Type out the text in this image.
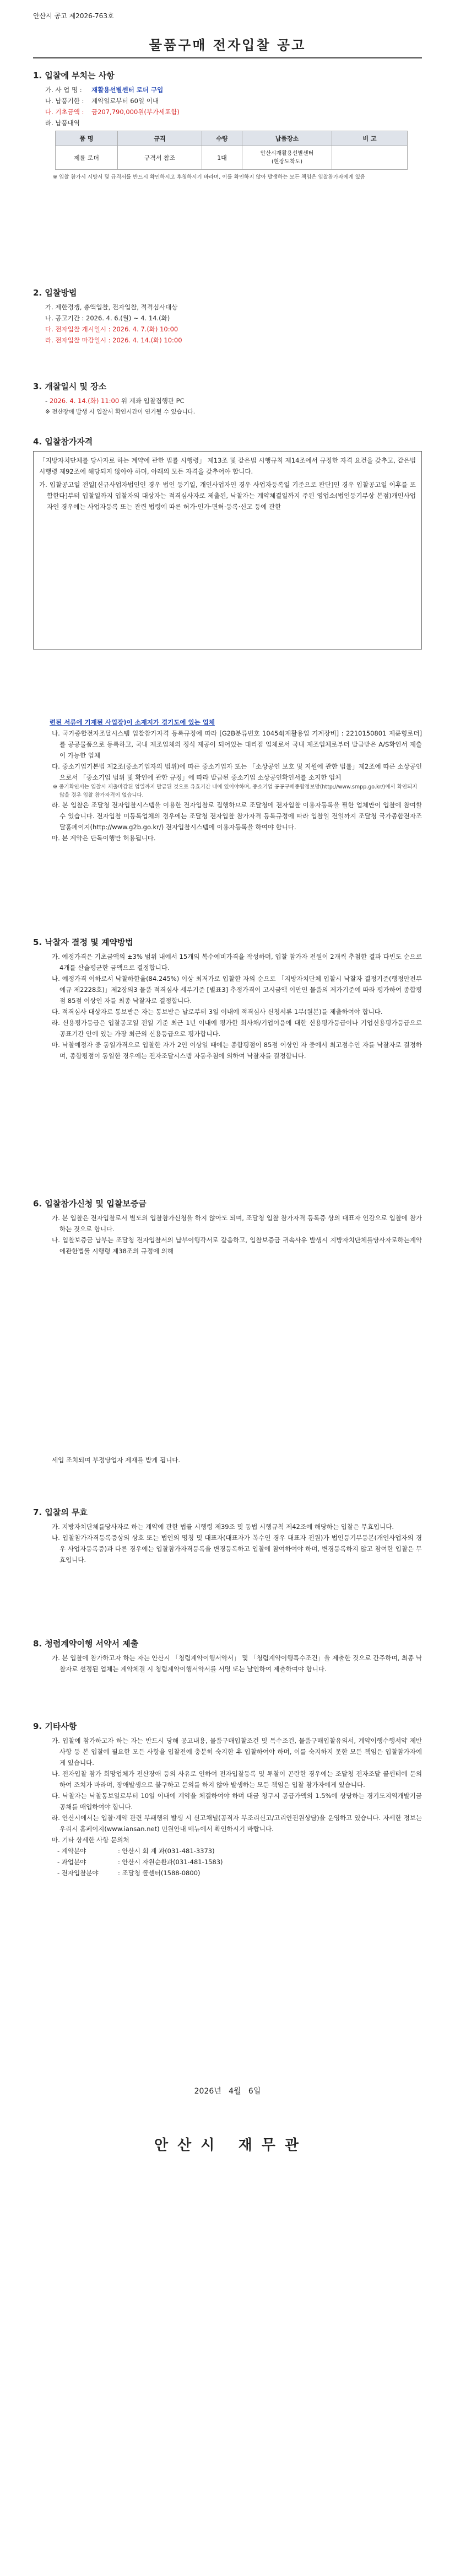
안산시 공고 제2026-763호
물품구매 전자입찰 공고
1. 입찰에 부치는 사항
가. 사 업 명 : 재활용선별센터 로더 구입
나. 납품기한 : 계약일로부터 60일 이내
다. 기초금액 : 금207,790,000원(부가세포함)
라. 납품내역
품 명	규격	수량	납품장소	비 고
제륜 로더	규격서 참조	1대	안산시재활용선별센터
(현장도착도)	
※ 입찰 참가시 시방서 및 규격서를 반드시 확인하시고 후청하시기 바라며, 이를 확인하지 않아 발생하는 모든 책임은 입찰참가자에게 있음
2. 입찰방법
가. 제한경쟁, 총액입찰, 전자입찰, 적격심사대상
나. 공고기간 : 2026. 4. 6.(월) ~ 4. 14.(화)
다. 전자입찰 개시일시 : 2026. 4. 7.(화) 10:00
라. 전자입찰 마감일시 : 2026. 4. 14.(화) 10:00
3. 개찰일시 및 장소
- 2026. 4. 14.(화) 11:00 위 계좌 입찰집행관 PC
※ 전산장애 발생 시 입찰서 확인시간이 연기될 수 있습니다.
4. 입찰참가자격
「지방자치단체를 당사자로 하는 계약에 관한 법률 시행령」 제13조 및 같은법 시행규칙 제14조에서 규정한 자격 요건을 갖추고, 같은법 시행령 제92조에 해당되지 않아야 하며, 아래의 모든 자격을 갖추어야 합니다.
가. 입찰공고일 전일[신규사업자법인인 경우 법인 등기일, 개인사업자인 경우 사업자등록일 기준으로 판단]인 경우 입찰공고일 이후를 포함한다]부터 입찰일까지 입찰자의 대상자는 적격심사자로 제출된, 낙찰자는 계약체결일까지 주된 영업소(법인등기부상 본점)개인사업자인 경우에는 사업자등록 또는 관련 법령에 따른 허가·인가·면허·등록·신고 등에 관한
련된 서류에 기재된 사업장)이 소재지가 경기도에 있는 업체
나. 국가종합전자조달시스템 입찰참가자격 등록규정에 따라 [G2B분류번호 10454[재활용업 기계장비] : 2210150801 제륜형로더]를 공공물품으로 등록하고, 국내 제조업체의 정식 제공이 되어있는 대리점 업체로서 국내 제조업체로부터 발급받은 A/S확인서 제출이 가능한 업체
다. 중소기업기본법 제2조(중소기업자의 범위)에 따른 중소기업자 또는 「소상공인 보호 및 지원에 관한 법률」제2조에 따른 소상공인으로서 「중소기업 범위 및 확인에 관한 규정」에 따라 발급된 중소기업 소상공인확인서를 소지한 업체
※ 중기확인서는 입찰시 제출마감된 업일까지 발급된 것으로 유효기간 내에 있어야하며, 중소기업 공공구매종합정보망(http://www.smpp.go.kr/)에서 확인되지 않을 경우 입찰 참가자격이 없습니다.
라. 본 입찰은 조달청 전자입찰시스템을 이용한 전자입찰로 집행하므로 조달청에 전자입찰 이용자등록을 필한 업체만이 입찰에 참여할 수 있습니다. 전자입찰 미등록업체의 경우에는 조달청 전자입찰 참가자격 등록규정에 따라 입찰일 전일까지 조달청 국가종합전자조달홈페이지(http://www.g2b.go.kr/) 전자입찰시스템에 이용자등록을 하여야 합니다.
마. 본 계약은 단독이행만 허용됩니다.
5. 낙찰자 결정 및 계약방법
가. 예정가격은 기초금액의 ±3% 범위 내에서 15개의 복수예비가격을 작성하며, 입찰 참가자 전원이 2개씩 추첨한 결과 다빈도 순으로 4개를 산술평균한 금액으로 결정합니다.
나. 예정가격 이하로서 낙찰하한율(84.245%) 이상 최저가로 입찰한 자의 순으로 「지방자치단체 입찰시 낙찰자 결정기준(행정안전부 예규 제2228호)」제2장의3 물품 적격심사 세부기준 [별표3] 추정가격이 고시금액 이만인 물품의 제가기준에 따라 평가하여 종합평점 85점 이상인 자를 최종 낙찰자로 결정합니다.
다. 적격심사 대상자로 통보받은 자는 통보받은 날로부터 3일 이내에 적격심사 신청서류 1부(원본)를 제출하여야 합니다.
라. 신용평가등급은 입찰공고일 전일 기준 최근 1년 이내에 평가한 회사채/기업어음에 대한 신용평가등급이나 기업신용평가등급으로 공표기간 안에 있는 가장 최근의 신용등급으로 평가합니다.
마. 낙찰예정자 중 동일가격으로 입찰한 자가 2인 이상일 때에는 종합평점이 85점 이상인 자 중에서 최고점수인 자를 낙찰자로 결정하며, 종합평점이 동일한 경우에는 전자조달시스템 자동추첨에 의하여 낙찰자를 결정합니다.
6. 입찰참가신청 및 입찰보증금
가. 본 입찰은 전자입찰로서 별도의 입찰참가신청을 하지 않아도 되며, 조달청 입찰 참가자격 등록증 상의 대표자 인감으로 입찰에 참가하는 것으로 합니다.
나. 입찰보증금 납부는 조달청 전자입찰서의 납부이행각서로 갈음하고, 입찰보증금 귀속사유 발생시 지방자치단체를당사자로하는계약에관한법률 시행령 제38조의 규정에 의해
세입 조치되며 부정당업자 제재를 받게 됩니다.
7. 입찰의 무효
가. 지방자치단체를당사자로 하는 계약에 관한 법률 시행령 제39조 및 동법 시행규칙 제42조에 해당하는 입찰은 무효입니다.
나. 입찰참가자격등록증상의 상호 또는 법인의 명칭 및 대표자(대표자가 복수인 경우 대표자 전원)가 법인등기부등본(개인사업자의 경우 사업자등록증)과 다른 경우에는 입찰참가자격등록을 변경등록하고 입찰에 참여하여야 하며, 변경등록하지 않고 참여한 입찰은 무효입니다.
8. 청렴계약이행 서약서 제출
가. 본 입찰에 참가하고자 하는 자는 안산시 「청렴계약이행서약서」 및 「청렴계약이행특수조건」을 제출한 것으로 간주하며, 최종 낙찰자로 선정된 업체는 계약체결 시 청렴계약이행서약서를 서명 또는 날인하여 제출하여야 합니다.
9. 기타사항
가. 입찰에 참가하고자 하는 자는 반드시 당해 공고내용, 물품구매입찰조건 및 특수조건, 물품구매입찰유의서, 계약이행수행서약 제반사항 등 본 입찰에 필요한 모든 사항을 입찰전에 충분히 숙지한 후 입찰하여야 하며, 이를 숙지하지 못한 모든 책임은 입찰참가자에게 있습니다.
나. 전자입찰 참가 희망업체가 전산장애 등의 사유로 인하여 전자입찰등록 및 투찰이 곤란한 경우에는 조달청 전자조달 콜센터에 문의하여 조치가 바라며, 장애발생으로 불구하고 문의를 하지 않아 발생하는 모든 책임은 입찰 참가자에게 있습니다.
다. 낙찰자는 낙찰통보일로부터 10일 이내에 계약을 체결하여야 하며 대금 청구시 공급가액의 1.5%에 상당하는 경기도지역개발기금공채를 매입하여야 합니다.
라. 안산시에서는 입찰·계약 관련 부패행위 발생 시 신고채널(공직자 부조리신고/고리안전원상담)을 운영하고 있습니다. 자세한 정보는 우리시 홈페이지(www.iansan.net) 민원안내 메뉴에서 확인하시기 바랍니다.
마. 기타 상세한 사항 문의처
- 계약분야	: 안산시 회 계 과(031-481-3373)
- 과업분야	: 안산시 자원순환과(031-481-1583)
- 전자입찰분야	: 조달청 콜센터(1588-0800)
2026년   4월   6일
안 산 시   재 무 관
